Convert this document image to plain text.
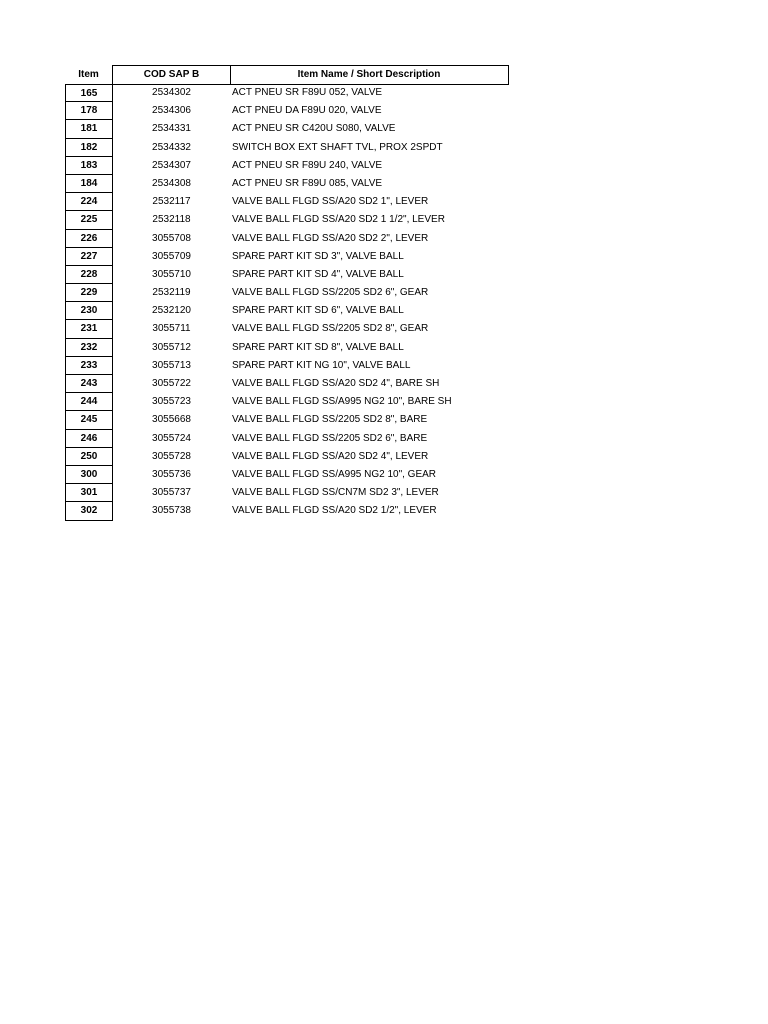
Item	COD SAP B	Item Name / Short Description
165	2534302	ACT PNEU SR F89U 052, VALVE
178	2534306	ACT PNEU DA F89U 020, VALVE
181	2534331	ACT PNEU SR C420U S080, VALVE
182	2534332	SWITCH BOX EXT SHAFT TVL, PROX 2SPDT
183	2534307	ACT PNEU SR F89U 240, VALVE
184	2534308	ACT PNEU SR F89U 085, VALVE
224	2532117	VALVE BALL FLGD SS/A20 SD2 1", LEVER
225	2532118	VALVE BALL FLGD SS/A20 SD2 1 1/2", LEVER
226	3055708	VALVE BALL FLGD SS/A20 SD2 2", LEVER
227	3055709	SPARE PART KIT SD 3", VALVE BALL
228	3055710	SPARE PART KIT SD 4", VALVE BALL
229	2532119	VALVE BALL FLGD SS/2205 SD2 6", GEAR
230	2532120	SPARE PART KIT SD 6", VALVE BALL
231	3055711	VALVE BALL FLGD SS/2205 SD2 8", GEAR
232	3055712	SPARE PART KIT SD 8", VALVE BALL
233	3055713	SPARE PART KIT NG 10", VALVE BALL
243	3055722	VALVE BALL FLGD SS/A20 SD2 4", BARE SH
244	3055723	VALVE BALL FLGD SS/A995 NG2 10", BARE SH
245	3055668	VALVE BALL FLGD SS/2205 SD2 8", BARE
246	3055724	VALVE BALL FLGD SS/2205 SD2 6", BARE
250	3055728	VALVE BALL FLGD SS/A20 SD2 4", LEVER
300	3055736	VALVE BALL FLGD SS/A995 NG2 10", GEAR
301	3055737	VALVE BALL FLGD SS/CN7M SD2 3", LEVER
302	3055738	VALVE BALL FLGD SS/A20 SD2 1/2", LEVER
